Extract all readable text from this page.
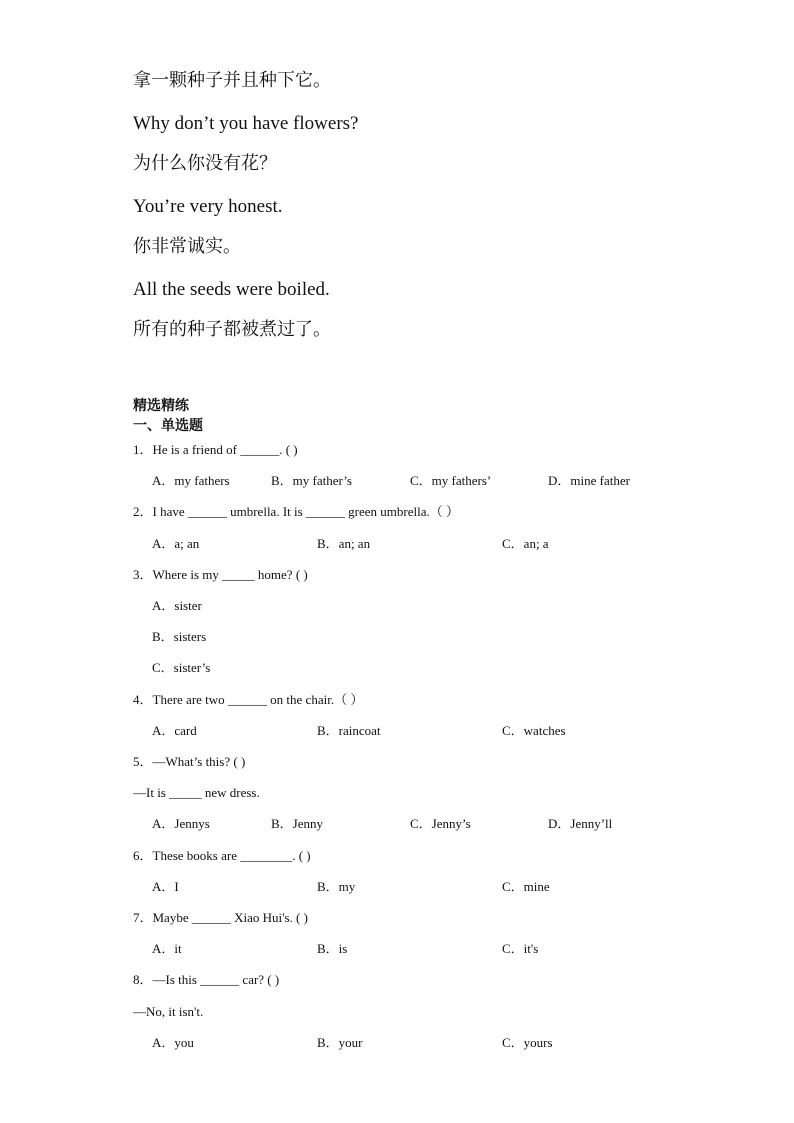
拿一颗种子并且种下它。
Why don’t you have flowers?
为什么你没有花？
You’re very honest.
你非常诚实。
All the seeds were boiled.
所有的种子都被煮过了。
精选精练
一、单选题
1．He is a friend of ______. ( )
A．my fathers	B．my father’s	C．my fathers’	D．mine father
2．I have ______ umbrella. It is ______ green umbrella.（ ）
A．a; an	B．an; an	C．an; a
3．Where is my _____ home? ( )
A．sister
B．sisters
C．sister’s
4．There are two ______ on the chair.（ ）
A．card	B．raincoat	C．watches
5．—What’s this? ( )
—It is _____ new dress.
A．Jennys	B．Jenny	C．Jenny’s	D．Jenny’ll
6．These books are ________. ( )
A．I	B．my	C．mine
7．Maybe ______ Xiao Hui's. ( )
A．it	B．is	C．it's
8．—Is this ______ car? ( )
—No, it isn't.
A．you	B．your	C．yours
